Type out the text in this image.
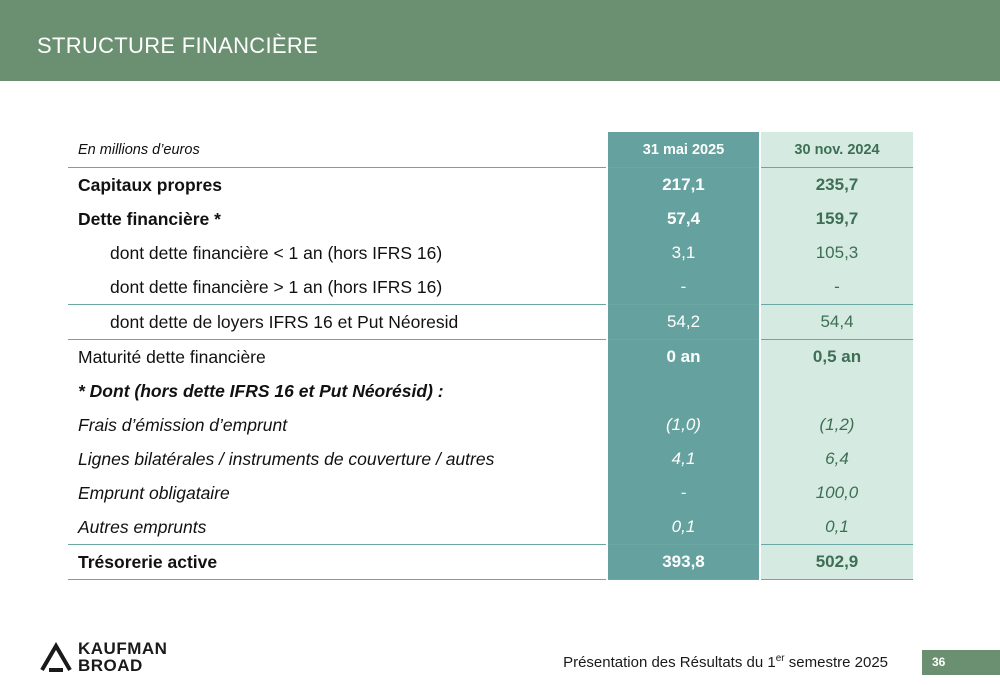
STRUCTURE FINANCIÈRE
En millions d’euros	31 mai 2025	30 nov. 2024
Capitaux propres	217,1	235,7
Dette financière *	57,4	159,7
dont dette financière < 1 an (hors IFRS 16)	3,1	105,3
dont dette financière > 1 an (hors IFRS 16)	-	-
dont dette de loyers IFRS 16 et Put Néoresid	54,2	54,4
Maturité dette financière	0 an	0,5 an
* Dont (hors dette IFRS 16 et Put Néorésid) :		
Frais d’émission d’emprunt	(1,0)	(1,2)
Lignes bilatérales / instruments de couverture / autres	4,1	6,4
Emprunt obligataire	-	100,0
Autres emprunts	0,1	0,1
Trésorerie active	393,8	502,9
KAUFMAN
BROAD	Présentation des Résultats du 1er semestre 2025	36
